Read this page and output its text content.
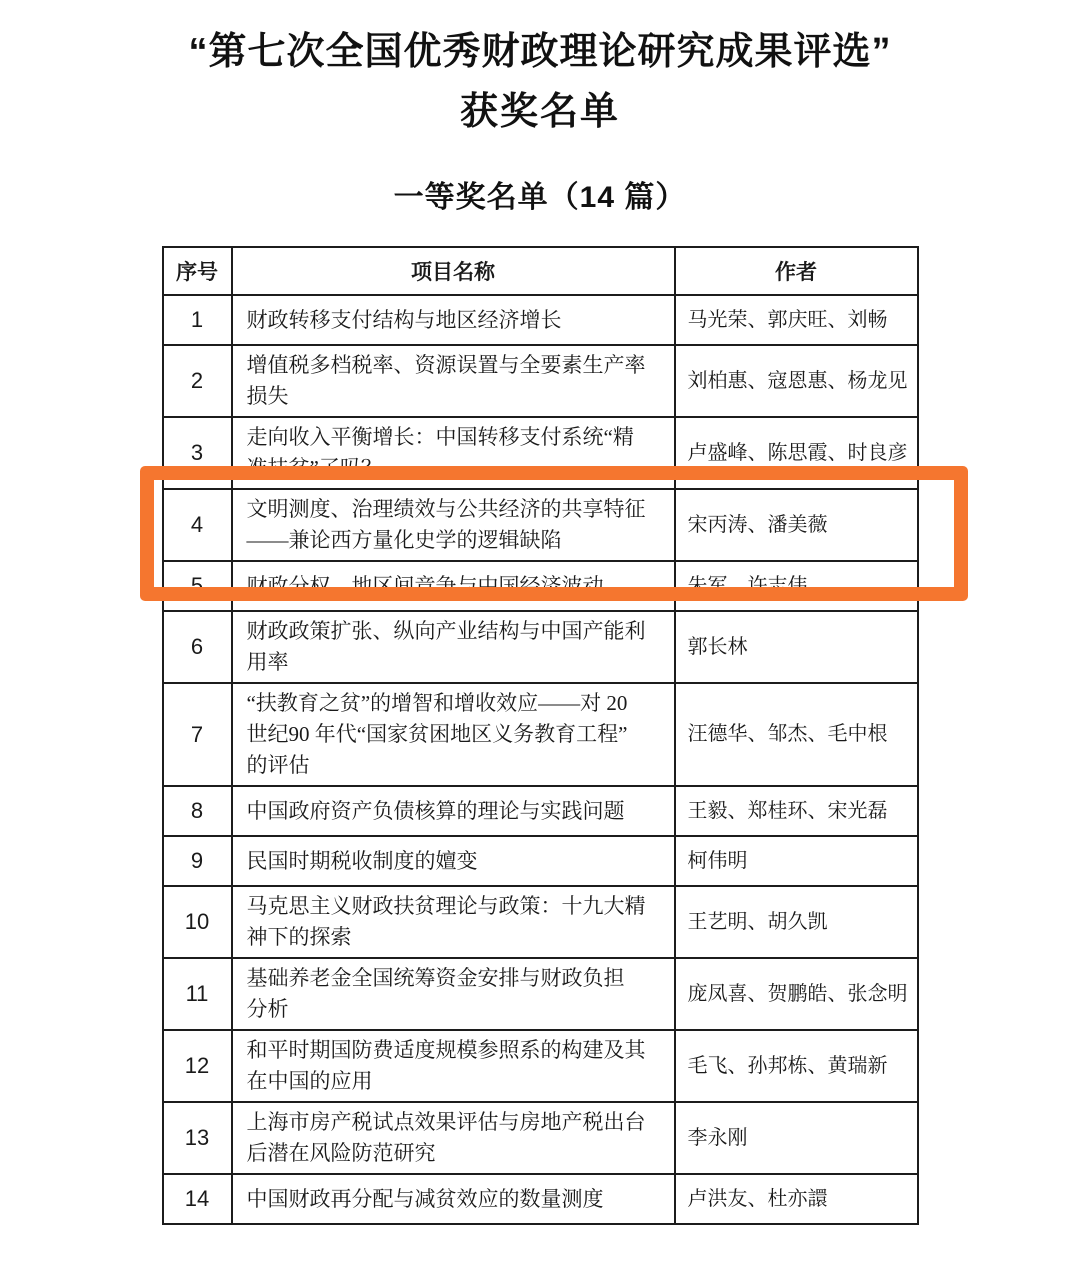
“第七次全国优秀财政理论研究成果评选”
获奖名单
一等奖名单（14 篇）
序号	项目名称	作者
1	财政转移支付结构与地区经济增长	马光荣、郭庆旺、刘畅
2	增值税多档税率、资源误置与全要素生产率
损失	刘柏惠、寇恩惠、杨龙见
3	走向收入平衡增长：中国转移支付系统“精
准扶贫”了吗？	卢盛峰、陈思霞、时良彦
4	文明测度、治理绩效与公共经济的共享特征
——兼论西方量化史学的逻辑缺陷	宋丙涛、潘美薇
5	财政分权、地区间竞争与中国经济波动	朱军、许志伟
6	财政政策扩张、纵向产业结构与中国产能利
用率	郭长林
7	“扶教育之贫”的增智和增收效应——对 20
世纪90 年代“国家贫困地区义务教育工程”
的评估	汪德华、邹杰、毛中根
8	中国政府资产负债核算的理论与实践问题	王毅、郑桂环、宋光磊
9	民国时期税收制度的嬗变	柯伟明
10	马克思主义财政扶贫理论与政策：十九大精
神下的探索	王艺明、胡久凯
11	基础养老金全国统筹资金安排与财政负担
分析	庞凤喜、贺鹏皓、张念明
12	和平时期国防费适度规模参照系的构建及其
在中国的应用	毛飞、孙邦栋、黄瑞新
13	上海市房产税试点效果评估与房地产税出台
后潜在风险防范研究	李永刚
14	中国财政再分配与减贫效应的数量测度	卢洪友、杜亦譞
